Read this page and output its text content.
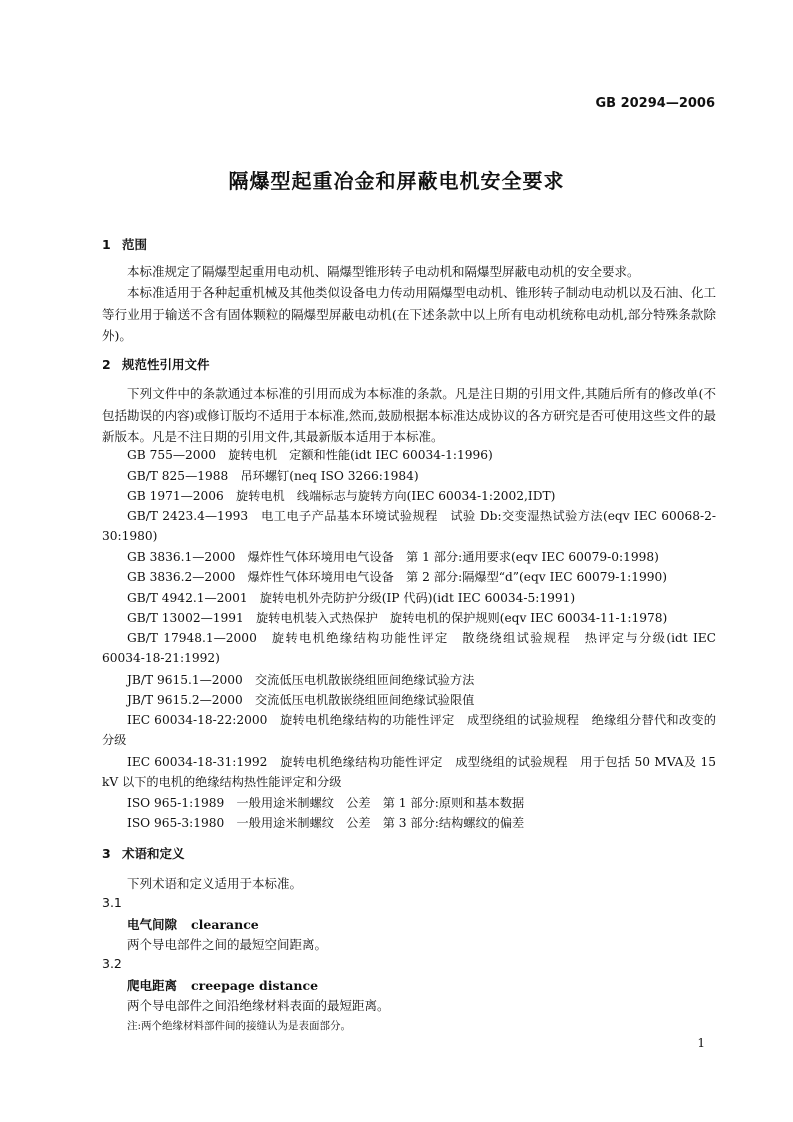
GB 20294—2006
隔爆型起重冶金和屏蔽电机安全要求
1 范围
本标准规定了隔爆型起重用电动机、隔爆型锥形转子电动机和隔爆型屏蔽电动机的安全要求。
本标准适用于各种起重机械及其他类似设备电力传动用隔爆型电动机、锥形转子制动电动机以及石油、化工等行业用于输送不含有固体颗粒的隔爆型屏蔽电动机(在下述条款中以上所有电动机统称电动机,部分特殊条款除外)。
2 规范性引用文件
下列文件中的条款通过本标准的引用而成为本标准的条款。凡是注日期的引用文件,其随后所有的修改单(不包括勘误的内容)或修订版均不适用于本标准,然而,鼓励根据本标准达成协议的各方研究是否可使用这些文件的最新版本。凡是不注日期的引用文件,其最新版本适用于本标准。
GB 755—2000　旋转电机　定额和性能(idt IEC 60034-1:1996)
GB/T 825—1988　吊环螺钉(neq ISO 3266:1984)
GB 1971—2006　旋转电机　线端标志与旋转方向(IEC 60034-1:2002,IDT)
GB/T 2423.4—1993　电工电子产品基本环境试验规程　试验 Db:交变湿热试验方法(eqv IEC 60068-2-30:1980)
GB 3836.1—2000　爆炸性气体环境用电气设备　第 1 部分:通用要求(eqv IEC 60079-0:1998)
GB 3836.2—2000　爆炸性气体环境用电气设备　第 2 部分:隔爆型“d”(eqv IEC 60079-1:1990)
GB/T 4942.1—2001　旋转电机外壳防护分级(IP 代码)(idt IEC 60034-5:1991)
GB/T 13002—1991　旋转电机装入式热保护　旋转电机的保护规则(eqv IEC 60034-11-1:1978)
GB/T 17948.1—2000　旋转电机绝缘结构功能性评定　散绕绕组试验规程　热评定与分级(idt IEC 60034-18-21:1992)
JB/T 9615.1—2000　交流低压电机散嵌绕组匝间绝缘试验方法
JB/T 9615.2—2000　交流低压电机散嵌绕组匝间绝缘试验限值
IEC 60034-18-22:2000　旋转电机绝缘结构的功能性评定　成型绕组的试验规程　绝缘组分替代和改变的分级
IEC 60034-18-31:1992　旋转电机绝缘结构功能性评定　成型绕组的试验规程　用于包括 50 MVA及 15 kV 以下的电机的绝缘结构热性能评定和分级
ISO 965-1:1989　一般用途米制螺纹　公差　第 1 部分:原则和基本数据
ISO 965-3:1980　一般用途米制螺纹　公差　第 3 部分:结构螺纹的偏差
3 术语和定义
下列术语和定义适用于本标准。
3.1
电气间隙 clearance
两个导电部件之间的最短空间距离。
3.2
爬电距离 creepage distance
两个导电部件之间沿绝缘材料表面的最短距离。
注:两个绝缘材料部件间的接缝认为是表面部分。
1
